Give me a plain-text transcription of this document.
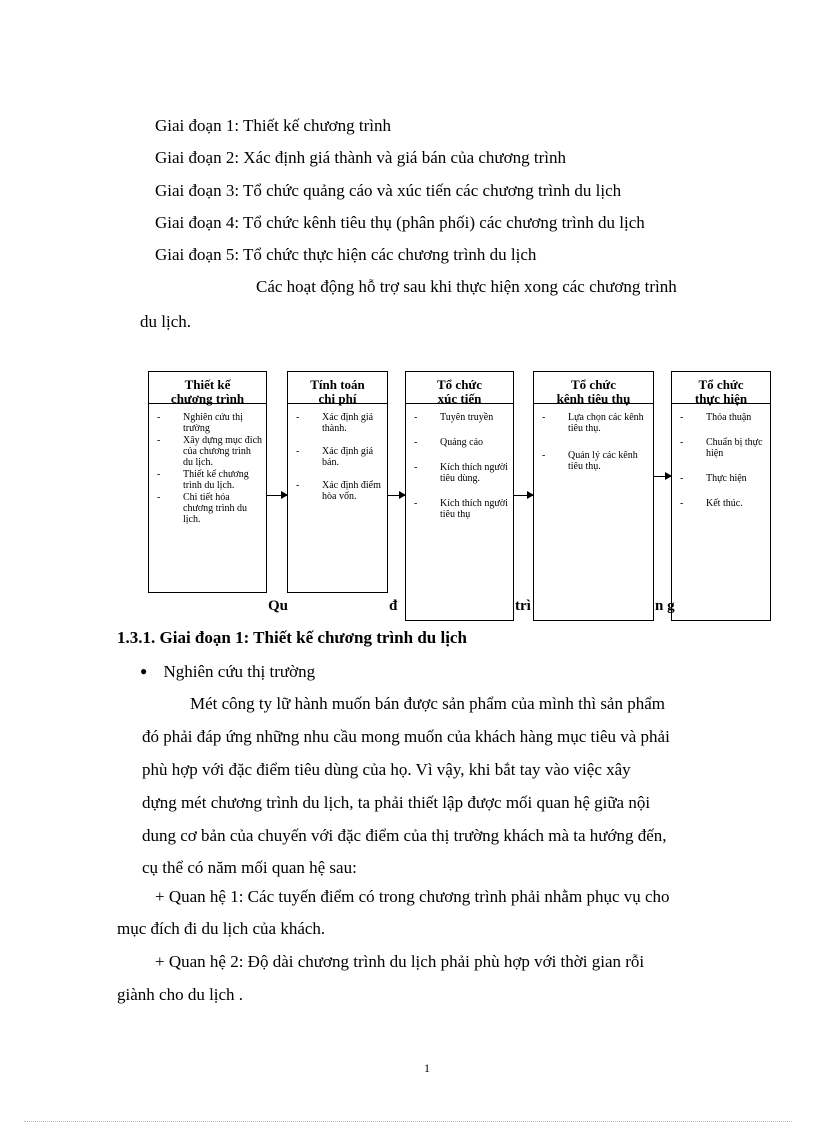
Giai đoạn 1: Thiết kế chương trình
Giai đoạn 2: Xác định giá thành và giá bán của chương trình
Giai đoạn 3: Tổ chức quảng cáo và xúc tiến các chương trình du lịch
Giai đoạn 4: Tổ chức kênh tiêu thụ (phân phối) các chương trình du lịch
Giai đoạn 5: Tổ chức thực hiện các chương trình du lịch
Các hoạt động hỗ trợ sau khi thực hiện xong các chương trình
du lịch.
Thiết kế
chương trình
- Nghiên cứu thị trường
- Xây dựng mục đích của chương trình du lịch.
- Thiết kế chương trình du lịch.
- Chi tiết hóa chương trình du lịch.
Tính toán
chi phí
- Xác định giá thành.
- Xác định giá bán.
- Xác định điểm hòa vốn.
Tổ chức
xúc tiến
- Tuyên truyền
- Quảng cáo
- Kích thích người tiêu dùng.
- Kích thích người tiêu thụ
Tổ chức
kênh tiêu thụ
- Lựa chọn các kênh tiêu thụ.
- Quản lý các kênh tiêu thụ.
Tổ chức
thực hiện
- Thỏa thuận
- Chuẩn bị thực hiện
- Thực hiện
- Kết thúc.
Qu	đ	trì	n g
1.3.1. Giai đoạn 1: Thiết kế chương trình du lịch
● Nghiên cứu thị trường
Mét công ty lữ hành muốn bán được sản phẩm của mình thì sản phẩm
đó phải đáp ứng những nhu cầu mong muốn của khách hàng mục tiêu và phải
phù hợp với đặc điểm tiêu dùng của họ. Vì vậy, khi bắt tay vào việc xây
dựng mét chương trình du lịch, ta phải thiết lập được mối quan hệ giữa nội
dung cơ bản của chuyến với đặc điểm của thị trường khách mà ta hướng đến,
cụ thể có năm mối quan hệ sau:
+ Quan hệ 1: Các tuyến điểm có trong chương trình phải nhằm phục vụ cho
mục đích đi du lịch của khách.
+ Quan hệ 2: Độ dài chương trình du lịch phải phù hợp với thời gian rỗi
giành cho du lịch .
1
